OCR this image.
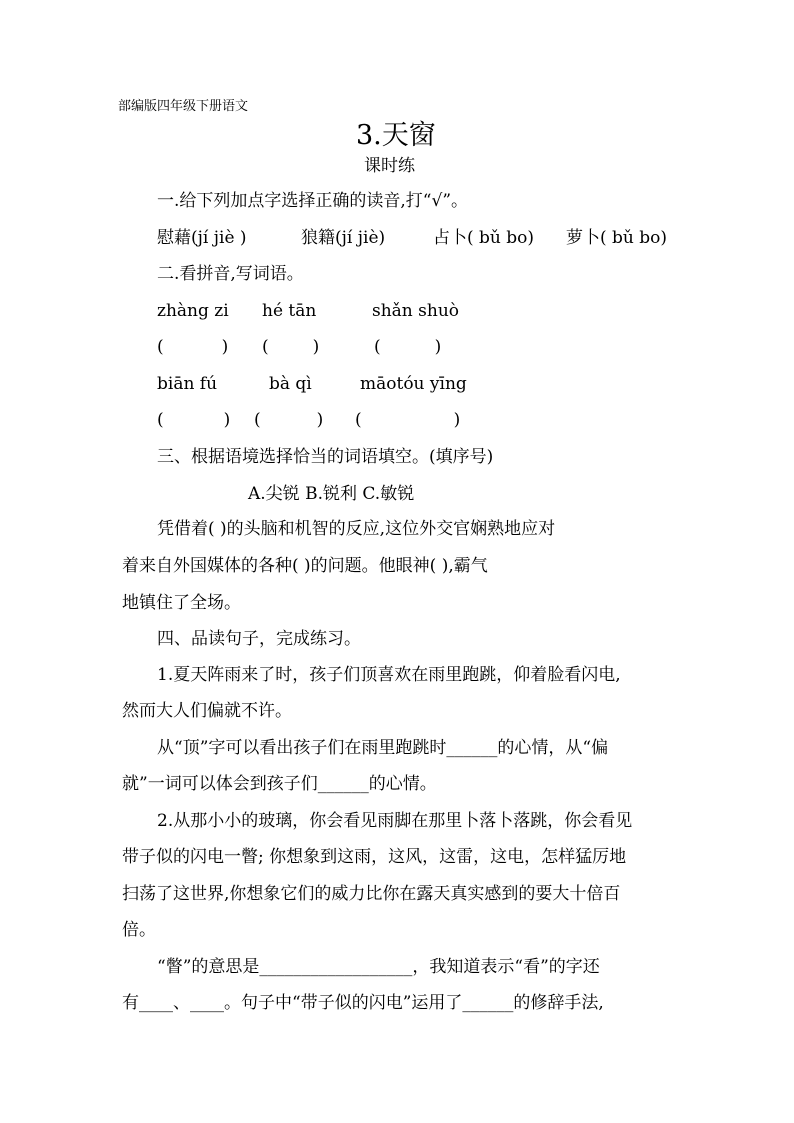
部编版四年级下册语文
3.天窗
课时练
一.给下列加点字选择正确的读音,打“√”。
慰藉(jí jiè )	狼籍(jí jiè)	占卜( bǔ bo) 萝卜( bǔ bo)
二.看拼音,写词语。
zhàng zi hé tān	shǎn shuò
(	) (	)	(	)
biān fú	bà qì	māotóu yīng
(	) (	) (	)
三、根据语境选择恰当的词语填空。(填序号)
A.尖锐 B.锐利 C.敏锐
凭借着( )的头脑和机智的反应,这位外交官娴熟地应对
着来自外国媒体的各种( )的问题。他眼神( ),霸气
地镇住了全场。
四、品读句子，完成练习。
1.夏天阵雨来了时，孩子们顶喜欢在雨里跑跳，仰着脸看闪电,
然而大人们偏就不许。
从“顶”字可以看出孩子们在雨里跑跳时______的心情，从“偏
就”一词可以体会到孩子们______的心情。
2.从那小小的玻璃，你会看见雨脚在那里卜落卜落跳，你会看见
带子似的闪电一瞥; 你想象到这雨，这风，这雷，这电，怎样猛厉地
扫荡了这世界,你想象它们的威力比你在露天真实感到的要大十倍百
倍。
“瞥”的意思是__________________，我知道表示“看”的字还
有____、____。句子中“带子似的闪电”运用了______的修辞手法,
